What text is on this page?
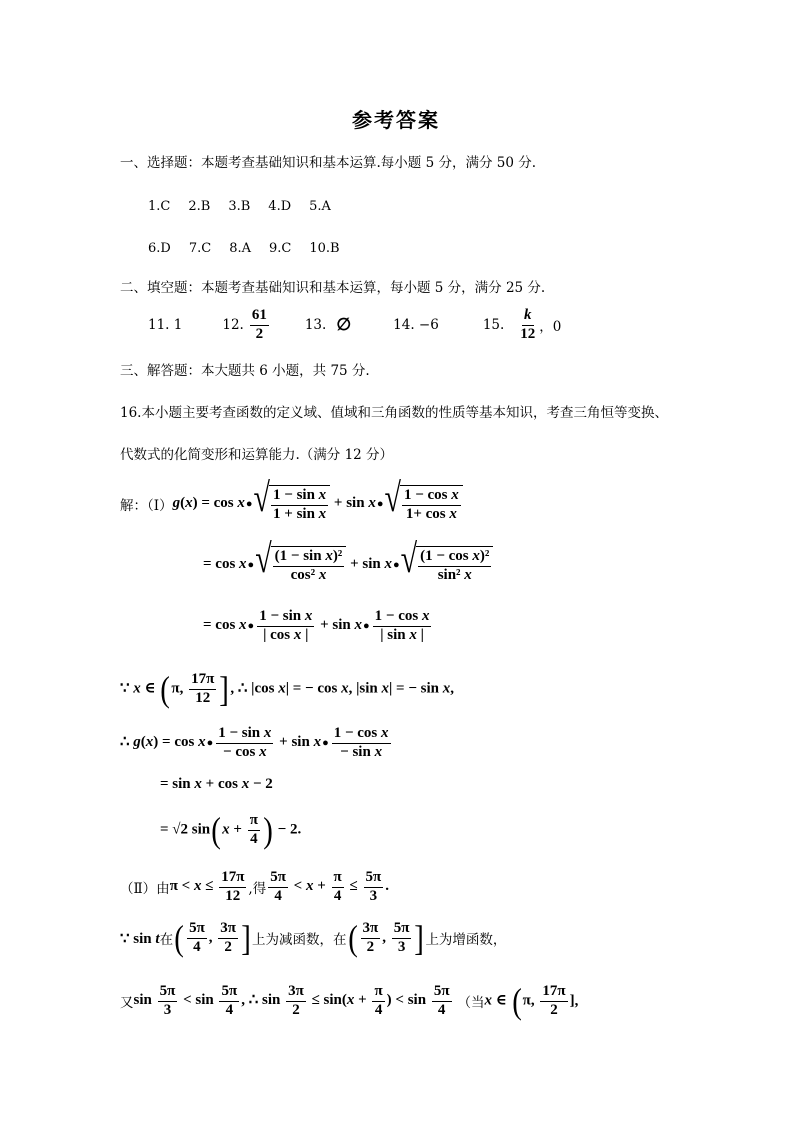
参考答案
一、选择题：本题考查基础知识和基本运算.每小题 5 分，满分 50 分.
1.C 2.B 3.B 4.D 5.A
6.D 7.C 8.A 9.C 10.B
二、填空题：本题考查基础知识和基本运算，每小题 5 分，满分 25 分.
11. 1	12. $\frac{61}{2}$	13. ∅	14. −6	15. $\frac{k}{12}$ ，0
三、解答题：本大题共 6 小题，共 75 分.
16.本小题主要考查函数的定义域、值域和三角函数的性质等基本知识，考查三角恒等变换、
代数式的化简变形和运算能力.（满分 12 分）
解：（Ⅰ） g(x) = cos x● √ $\frac{\text{1 − sin x}}{\text{1 + sin x}} + \sin$ x● √ $\frac{\text{1 − cos x}}{\text{1+ cos x}}$
= cos x● √ $\frac{\text{(1 − sin x)²}}{\text{cos² x}} + \sin$ x● √ $\frac{\text{(1 − cos x)²}}{\text{sin² x}}$
= cos x● $\frac{\text{1 − sin x}}{\text{| cos x |}} + \sin$ x● $\frac{\text{1 − cos x}}{\text{| sin x |}}$
∵ x ∈ (π, $\frac{17\pi}{12}$ ], ∴ |cos x| = − cos x, |sin x| = − sin x,
∴ g(x) = cos x● $\frac{\text{1 − sin x}}{\text{− cos x}} + \sin$ x● $\frac{\text{1 − cos x}}{\text{− sin x}}$
= sin x + cos x − 2
= √2 $\sin(x + \frac{\pi}{4}$ ) − 2.
（Ⅱ）由 $\pi < x \le \frac{17\pi}{12}$ ,得 $\frac{5\pi}{4} < x + \frac{\pi}{4} \le \frac{5\pi}{3}$ .
∵ sin t 在 ( $\frac{5\pi}{4}$ , $\frac{3\pi}{2}$ ] 上为减函数，在 ( $\frac{3\pi}{2}$ , $\frac{5\pi}{3}$ ] 上为增函数，
又 $\sin \frac{5\pi}{3} < \sin \frac{5\pi}{4}$ , ∴ $\sin \frac{3\pi}{2} \le \sin(x + \frac{\pi}{4}$ ) < $\sin \frac{5\pi}{4}$ （当 x ∈ (π, $\frac{17\pi}{2}$ ],
